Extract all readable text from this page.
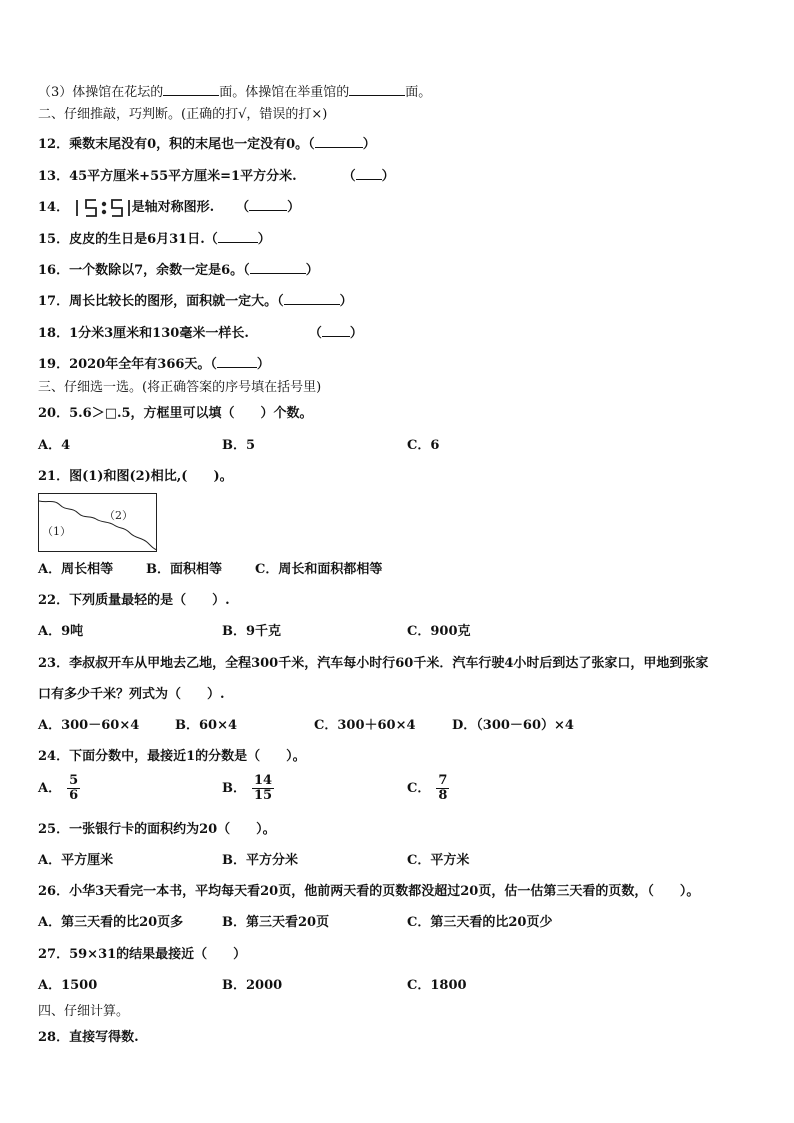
（3）体操馆在花坛的	面。体操馆在举重馆的	面。
二、仔细推敲，巧判断。(正确的打√，错误的打×)
12．乘数末尾没有0，积的末尾也一定没有0。（	）
13．45平方厘米+55平方厘米=1平方分米.	（ ）
14．	是轴对称图形. （	）
15．皮皮的生日是6月31日.（	）
16．一个数除以7，余数一定是6。（	）
17．周长比较长的图形，面积就一定大。（	）
18．1分米3厘米和130毫米一样长.	（ ）
19．2020年全年有366天。（	）
三、仔细选一选。(将正确答案的序号填在括号里)
20．5.6＞□.5，方框里可以填（　　）个数。
A．4	B．5	C．6
21．图(1)和图(2)相比,(　　)。
（1）
（2）
A．周长相等	B．面积相等	C．周长和面积都相等
22．下列质量最轻的是（　　）.
A．9吨	B．9千克	C．900克
23．李叔叔开车从甲地去乙地，全程300千米，汽车每小时行60千米．汽车行驶4小时后到达了张家口，甲地到张家
口有多少千米？列式为（　　）.
A．300－60×4	B．60×4	C．300＋60×4	D．（300－60）×4
24．下面分数中，最接近1的分数是（　　）。
A． $\frac{5}{6}$	B． $\frac{14}{15}$	C． $\frac{7}{8}$
25．一张银行卡的面积约为20（　　）。
A．平方厘米	B．平方分米	C．平方米
26．小华3天看完一本书，平均每天看20页，他前两天看的页数都没超过20页，估一估第三天看的页数，（　　）。
A．第三天看的比20页多	B．第三天看20页	C．第三天看的比20页少
27．59×31的结果最接近（　　）
A．1500	B．2000	C．1800
四、仔细计算。
28．直接写得数.
